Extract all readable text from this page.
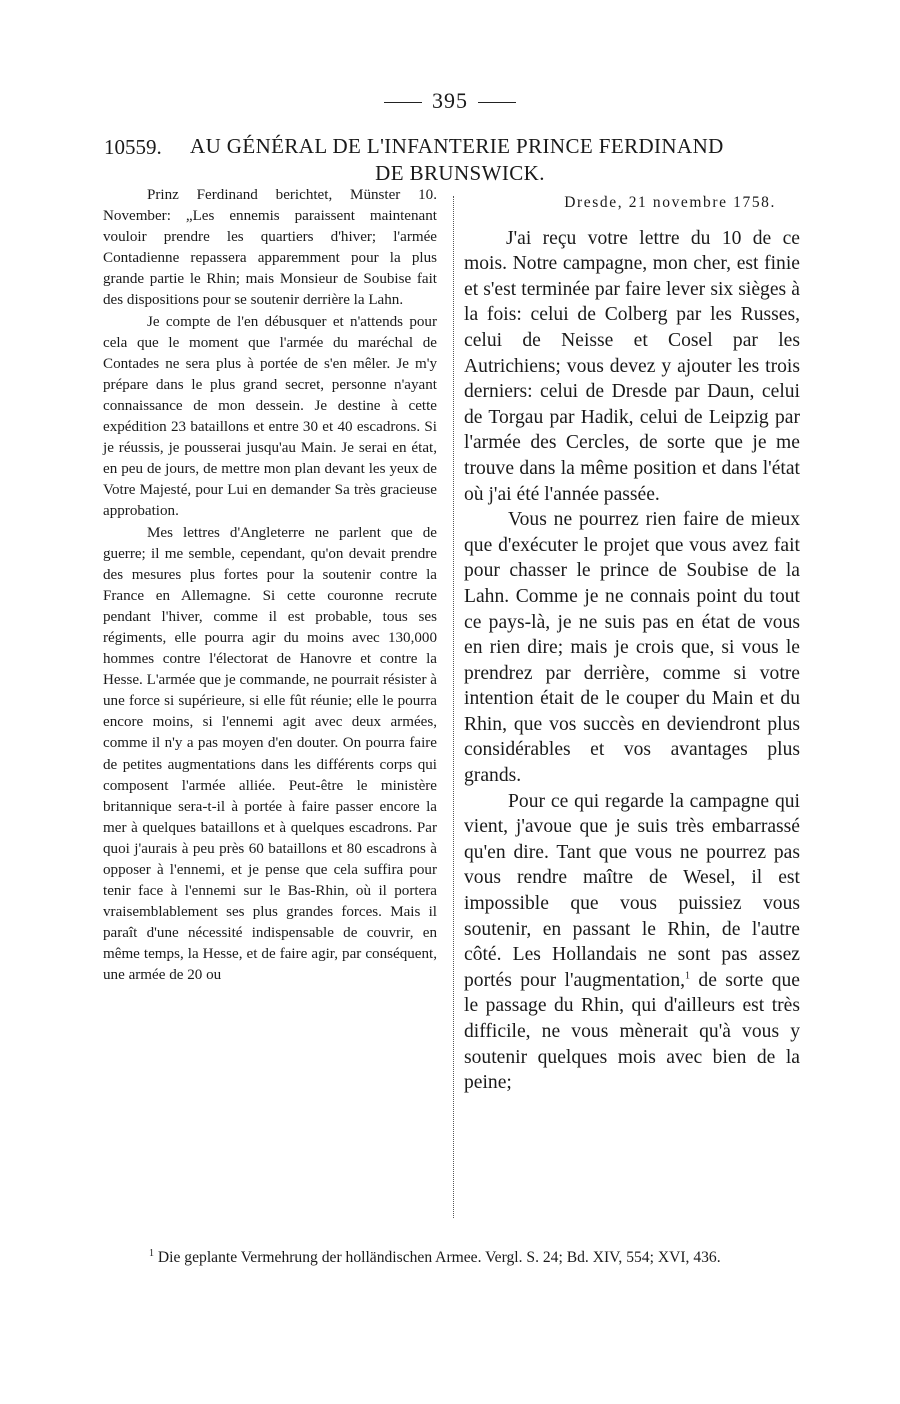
395
10559. AU GÉNÉRAL DE L'INFANTERIE PRINCE FERDINAND
DE BRUNSWICK.

Prinz Ferdinand berichtet, Münster 10. November: „Les ennemis paraissent maintenant vouloir prendre les quartiers d'hiver; l'armée Contadienne repassera apparemment pour la plus grande partie le Rhin; mais Monsieur de Soubise fait des dispositions pour se soutenir derrière la Lahn.

Je compte de l'en débusquer et n'attends pour cela que le moment que l'armée du maréchal de Contades ne sera plus à portée de s'en mêler. Je m'y prépare dans le plus grand secret, personne n'ayant connaissance de mon dessein. Je destine à cette expédition 23 bataillons et entre 30 et 40 escadrons. Si je réussis, je pousserai jusqu'au Main. Je serai en état, en peu de jours, de mettre mon plan devant les yeux de Votre Majesté, pour Lui en demander Sa très gracieuse approbation.

Mes lettres d'Angleterre ne parlent que de guerre; il me semble, cependant, qu'on devait prendre des mesures plus fortes pour la soutenir contre la France en Allemagne. Si cette couronne recrute pendant l'hiver, comme il est probable, tous ses régiments, elle pourra agir du moins avec 130,000 hommes contre l'électorat de Hanovre et contre la Hesse. L'armée que je commande, ne pourrait résister à une force si supérieure, si elle fût réunie; elle le pourra encore moins, si l'ennemi agit avec deux armées, comme il n'y a pas moyen d'en douter. On pourra faire de petites augmentations dans les différents corps qui composent l'armée alliée. Peut-être le ministère britannique sera-t-il à portée à faire passer encore la mer à quelques bataillons et à quelques escadrons. Par quoi j'aurais à peu près 60 bataillons et 80 escadrons à opposer à l'ennemi, et je pense que cela suffira pour tenir face à l'ennemi sur le Bas-Rhin, où il portera vraisemblablement ses plus grandes forces. Mais il paraît d'une nécessité indispensable de couvrir, en même temps, la Hesse, et de faire agir, par conséquent, une armée de 20 ou

Dresde, 21 novembre 1758.

J'ai reçu votre lettre du 10 de ce mois. Notre campagne, mon cher, est finie et s'est terminée par faire lever six sièges à la fois: celui de Colberg par les Russes, celui de Neisse et Cosel par les Autrichiens; vous devez y ajouter les trois derniers: celui de Dresde par Daun, celui de Torgau par Hadik, celui de Leipzig par l'armée des Cercles, de sorte que je me trouve dans la même position et dans l'état où j'ai été l'année passée.

Vous ne pourrez rien faire de mieux que d'exécuter le projet que vous avez fait pour chasser le prince de Soubise de la Lahn. Comme je ne connais point du tout ce pays-là, je ne suis pas en état de vous en rien dire; mais je crois que, si vous le prendrez par derrière, comme si votre intention était de le couper du Main et du Rhin, que vos succès en deviendront plus considérables et vos avantages plus grands.

Pour ce qui regarde la campagne qui vient, j'avoue que je suis très embarrassé qu'en dire. Tant que vous ne pourrez pas vous rendre maître de Wesel, il est impossible que vous puissiez vous soutenir, en passant le Rhin, de l'autre côté. Les Hollandais ne sont pas assez portés pour l'augmentation,$^1$ de sorte que le passage du Rhin, qui d'ailleurs est très difficile, ne vous mènerait qu'à vous y soutenir quelques mois avec bien de la peine;

$^1$ Die geplante Vermehrung der holländischen Armee. Vergl. S. 24; Bd. XIV, 554; XVI, 436.
